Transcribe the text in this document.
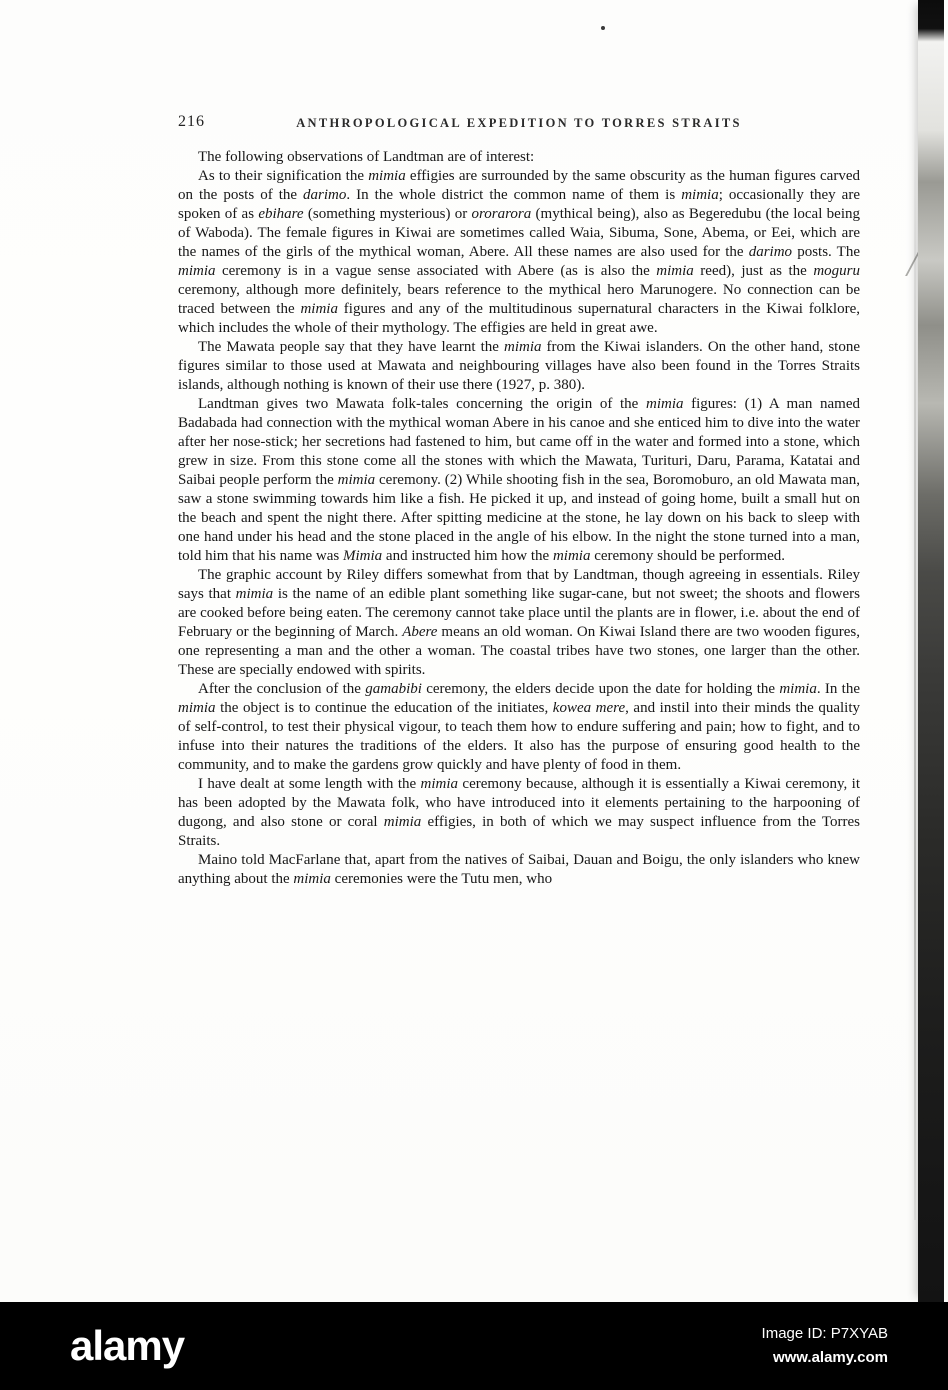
216	ANTHROPOLOGICAL EXPEDITION TO TORRES STRAITS

The following observations of Landtman are of interest:

As to their signification the mimia effigies are surrounded by the same obscurity as the human figures carved on the posts of the darimo. In the whole district the common name of them is mimia; occasionally they are spoken of as ebihare (something mysterious) or ororarora (mythical being), also as Begeredubu (the local being of Waboda). The female figures in Kiwai are sometimes called Waia, Sibuma, Sone, Abema, or Eei, which are the names of the girls of the mythical woman, Abere. All these names are also used for the darimo posts. The mimia ceremony is in a vague sense associated with Abere (as is also the mimia reed), just as the moguru ceremony, although more definitely, bears reference to the mythical hero Marunogere. No connection can be traced between the mimia figures and any of the multitudinous supernatural characters in the Kiwai folklore, which includes the whole of their mythology. The effigies are held in great awe.

The Mawata people say that they have learnt the mimia from the Kiwai islanders. On the other hand, stone figures similar to those used at Mawata and neighbouring villages have also been found in the Torres Straits islands, although nothing is known of their use there (1927, p. 380).

Landtman gives two Mawata folk-tales concerning the origin of the mimia figures: (1) A man named Badabada had connection with the mythical woman Abere in his canoe and she enticed him to dive into the water after her nose-stick; her secretions had fastened to him, but came off in the water and formed into a stone, which grew in size. From this stone come all the stones with which the Mawata, Turituri, Daru, Parama, Katatai and Saibai people perform the mimia ceremony. (2) While shooting fish in the sea, Boromoburo, an old Mawata man, saw a stone swimming towards him like a fish. He picked it up, and instead of going home, built a small hut on the beach and spent the night there. After spitting medicine at the stone, he lay down on his back to sleep with one hand under his head and the stone placed in the angle of his elbow. In the night the stone turned into a man, told him that his name was Mimia and instructed him how the mimia ceremony should be performed.

The graphic account by Riley differs somewhat from that by Landtman, though agreeing in essentials. Riley says that mimia is the name of an edible plant something like sugar-cane, but not sweet; the shoots and flowers are cooked before being eaten. The ceremony cannot take place until the plants are in flower, i.e. about the end of February or the beginning of March. Abere means an old woman. On Kiwai Island there are two wooden figures, one representing a man and the other a woman. The coastal tribes have two stones, one larger than the other. These are specially endowed with spirits.

After the conclusion of the gamabibi ceremony, the elders decide upon the date for holding the mimia. In the mimia the object is to continue the education of the initiates, kowea mere, and instil into their minds the quality of self-control, to test their physical vigour, to teach them how to endure suffering and pain; how to fight, and to infuse into their natures the traditions of the elders. It also has the purpose of ensuring good health to the community, and to make the gardens grow quickly and have plenty of food in them.

I have dealt at some length with the mimia ceremony because, although it is essentially a Kiwai ceremony, it has been adopted by the Mawata folk, who have introduced into it elements pertaining to the harpooning of dugong, and also stone or coral mimia effigies, in both of which we may suspect influence from the Torres Straits.

Maino told MacFarlane that, apart from the natives of Saibai, Dauan and Boigu, the only islanders who knew anything about the mimia ceremonies were the Tutu men, who

alamy	Image ID: P7XYAB
www.alamy.com
